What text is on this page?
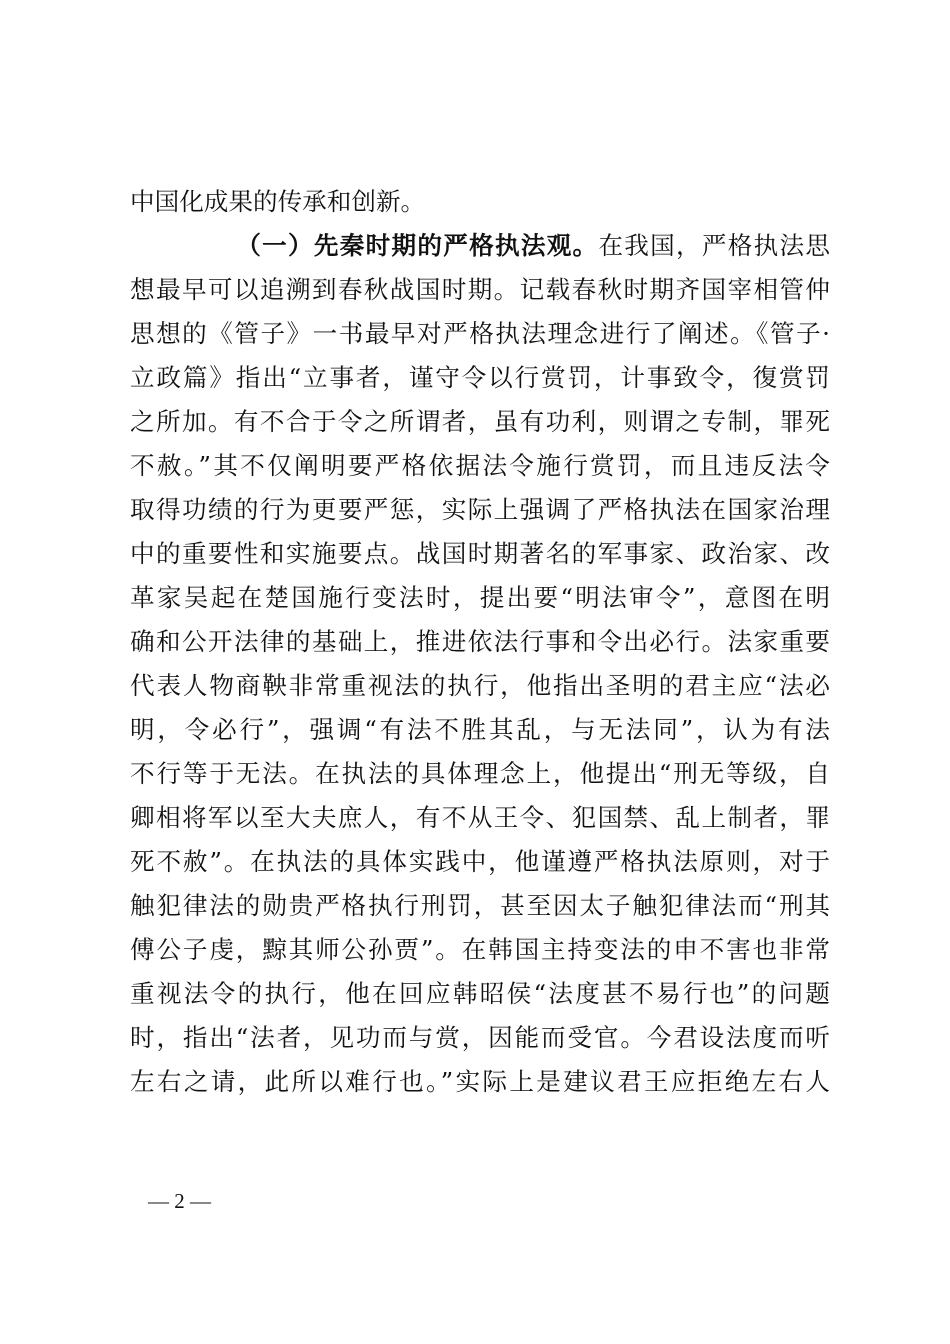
中国化成果的传承和创新。
（一）先秦时期的严格执法观。在我国，严格执法思
想最早可以追溯到春秋战国时期。记载春秋时期齐国宰相管仲
思想的《管子》一书最早对严格执法理念进行了阐述。《管子·
立政篇》指出“立事者，谨守令以行赏罚，计事致令，復赏罚
之所加。有不合于令之所谓者，虽有功利，则谓之专制，罪死
不赦。”其不仅阐明要严格依据法令施行赏罚，而且违反法令
取得功绩的行为更要严惩，实际上强调了严格执法在国家治理
中的重要性和实施要点。战国时期著名的军事家、政治家、改
革家吴起在楚国施行变法时，提出要“明法审令”，意图在明
确和公开法律的基础上，推进依法行事和令出必行。法家重要
代表人物商鞅非常重视法的执行，他指出圣明的君主应“法必
明，令必行”，强调“有法不胜其乱，与无法同”，认为有法
不行等于无法。在执法的具体理念上，他提出“刑无等级，自
卿相将军以至大夫庶人，有不从王令、犯国禁、乱上制者，罪
死不赦”。在执法的具体实践中，他谨遵严格执法原则，对于
触犯律法的勋贵严格执行刑罚，甚至因太子触犯律法而“刑其
傅公子虔，黥其师公孙贾”。在韩国主持变法的申不害也非常
重视法令的执行，他在回应韩昭侯“法度甚不易行也”的问题
时，指出“法者，见功而与赏，因能而受官。今君设法度而听
左右之请，此所以难行也。”实际上是建议君王应拒绝左右人
— 2 —
